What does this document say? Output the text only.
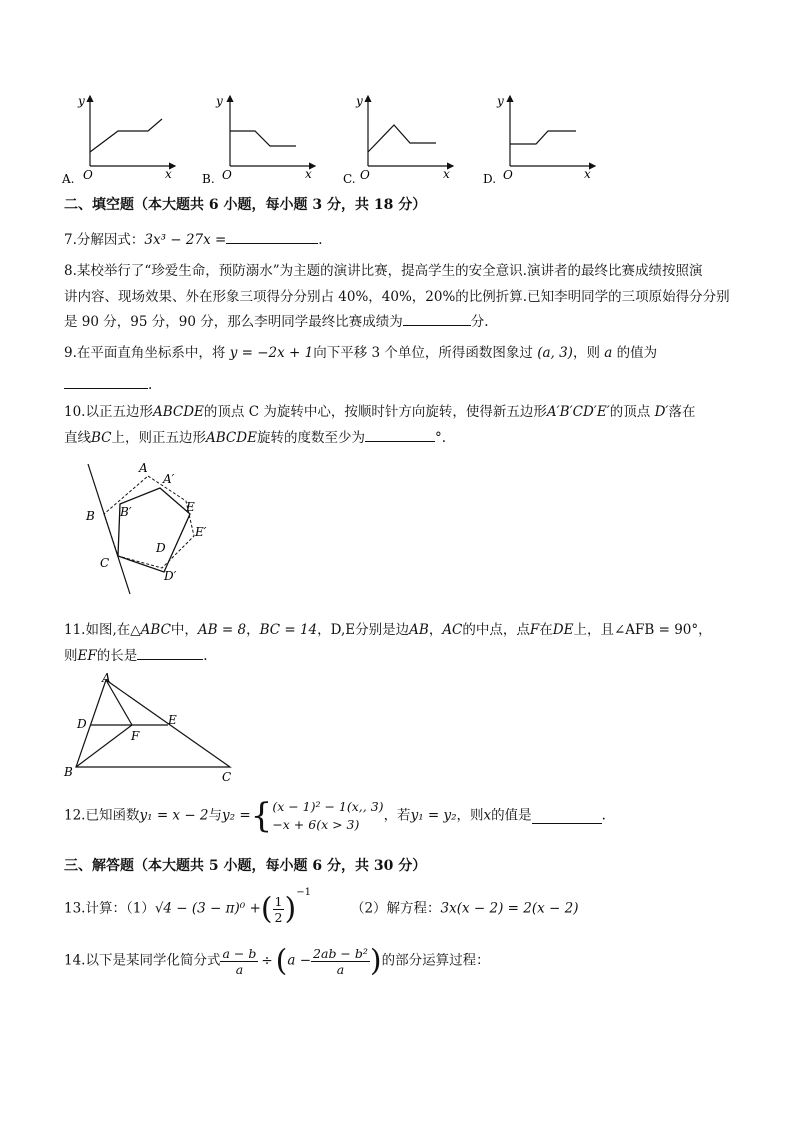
y
x
O
A.
y
x
O
B.
y
x
O
C.
y
x
O
D.
二、填空题（本大题共 6 小题，每小题 3 分，共 18 分）
7.分解因式：3x³ − 27x =	.
8.某校举行了“珍爱生命，预防溺水”为主题的演讲比赛，提高学生的安全意识.演讲者的最终比赛成绩按照演
讲内容、现场效果、外在形象三项得分分别占 40%，40%，20%的比例折算.已知李明同学的三项原始得分分别
是 90 分，95 分，90 分，那么李明同学最终比赛成绩为	分.
9.在平面直角坐标系中，将 y = −2x + 1向下平移 3 个单位，所得函数图象过 (a, 3)，则 a 的值为
.
10.以正五边形ABCDE的顶点 C 为旋转中心，按顺时针方向旋转，使得新五边形A′B′CD′E′的顶点 D′落在
直线BC上，则正五边形ABCDE旋转的度数至少为	°.
A
A′
B B′
C
D
D′
E
E′
11.如图,在△ABC中，AB = 8，BC = 14，D,E分别是边AB，AC的中点，点F在DE上，且∠AFB = 90°，
则EF的长是	.
A
B	C
D	E
F
12.已知函数y₁ = x − 2与y₂ ={ (x − 1)² − 1(x,, 3)
−x + 6(x > 3)
，若y₁ = y₂，则x的值是	.
三、解答题（本大题共 5 小题，每小题 6 分，共 30 分）
13.计算：（1）√4 − (3 − π)⁰ +( $\frac{1}{2} )^{-1}(2)$解方程：3x(x − 2) = 2(x − 2)
14.以下是某同学化简分式 $\frac{a - b}{a} \div (a - \frac{\text{2ab − b²}}{a}$ )的部分运算过程：
